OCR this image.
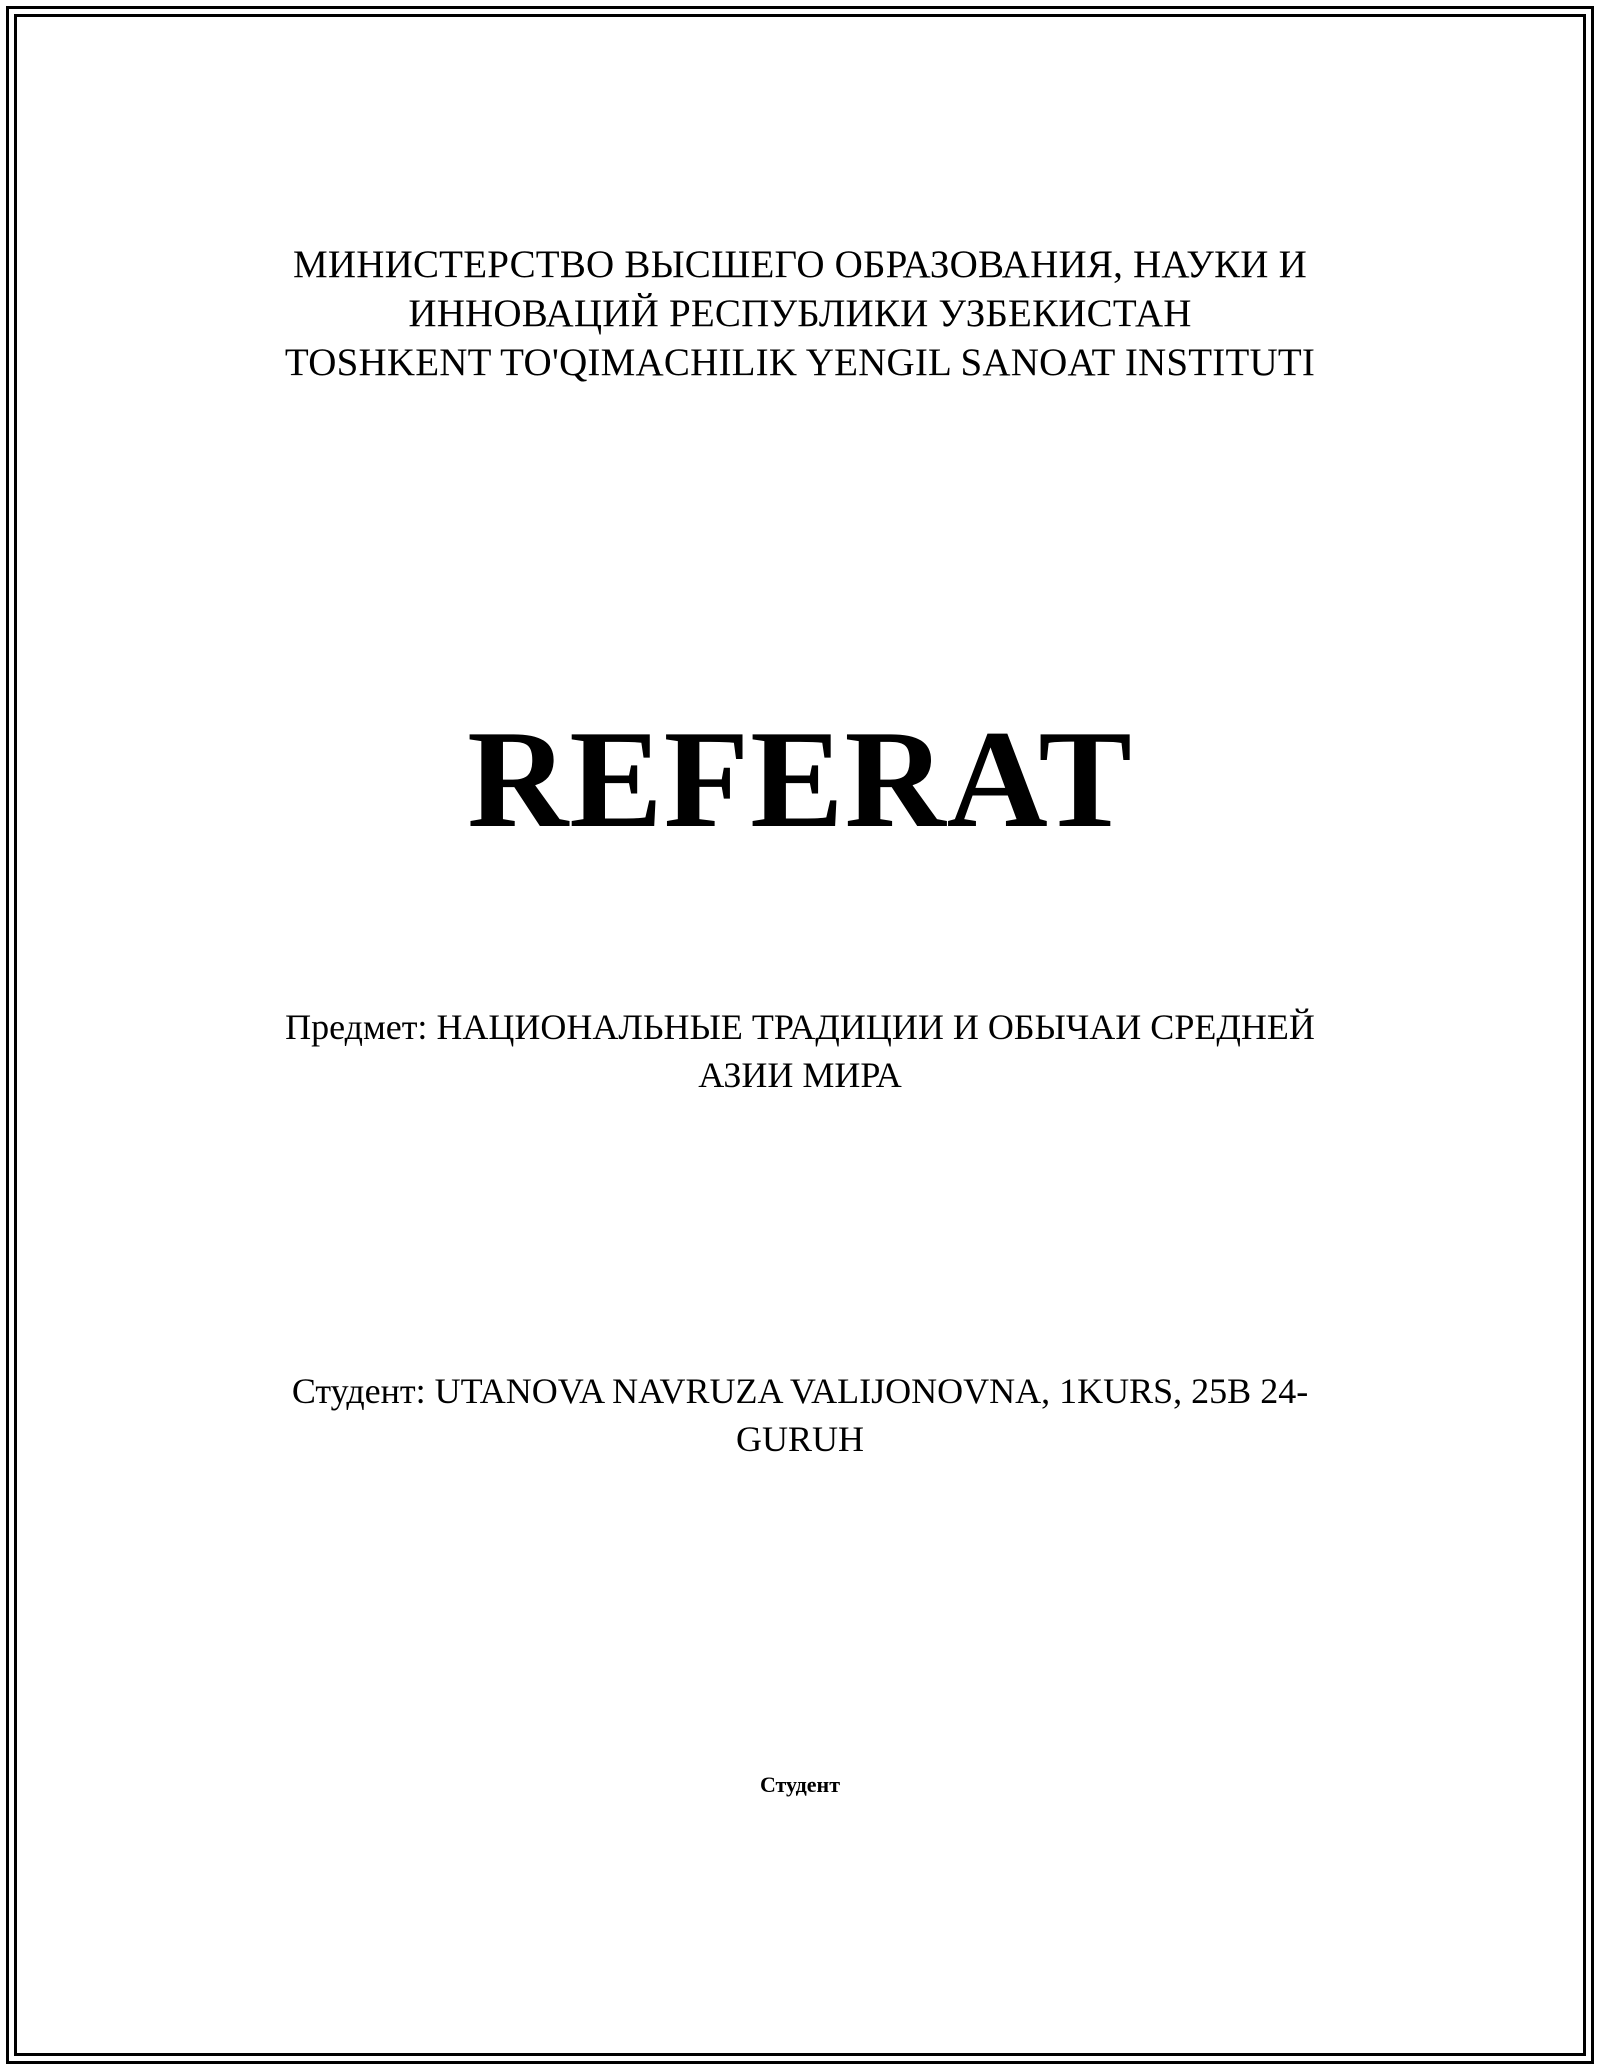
МИНИСТЕРСТВО ВЫСШЕГО ОБРАЗОВАНИЯ, НАУКИ И
ИННОВАЦИЙ РЕСПУБЛИКИ УЗБЕКИСТАН
TOSHKENT TO'QIMACHILIK YENGIL SANOAT INSTITUTI
REFERAT
Предмет: НАЦИОНАЛЬНЫЕ ТРАДИЦИИ И ОБЫЧАИ СРЕДНЕЙ
АЗИИ МИРА
Студент: UTANOVA NAVRUZA VALIJONOVNA, 1KURS, 25B 24-
GURUH
Студент
